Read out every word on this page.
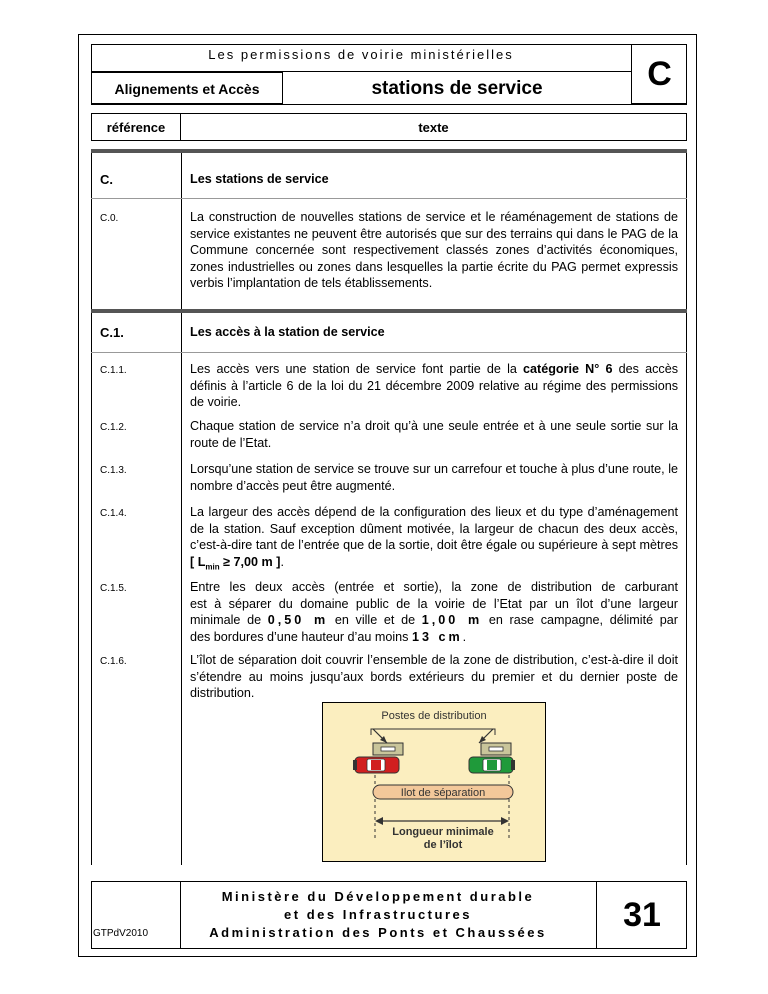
Les permissions de voirie ministérielles
Alignements et Accès	stations de service	C
référence	texte
C.	Les stations de service
C.0.	La construction de nouvelles stations de service et le réaménagement de stations de service existantes ne peuvent être autorisés que sur des terrains qui dans le PAG de la Commune concernée sont respectivement classés zones d’activités économiques, zones industrielles ou zones dans lesquelles la partie écrite du PAG permet expressis verbis l’implantation de tels établissements.
C.1.	Les accès à la station de service
C.1.1.	Les accès vers une station de service font partie de la catégorie N° 6 des accès définis à l’article 6 de la loi du 21 décembre 2009 relative au régime des permissions de voirie.
C.1.2.	Chaque station de service n’a droit qu’à une seule entrée et à une seule sortie sur la route de l’Etat.
C.1.3.	Lorsqu’une station de service se trouve sur un carrefour et touche à plus d’une route, le nombre d’accès peut être augmenté.
C.1.4.	La largeur des accès dépend de la configuration des lieux et du type d’aménagement de la station. Sauf exception dûment motivée, la largeur de chacun des deux accès, c’est-à-dire tant de l’entrée que de la sortie, doit être égale ou supérieure à sept mètres [ $L_{min} \ge 7,00$ m ].
C.1.5.	Entre les deux accès (entrée et sortie), la zone de distribution de carburant
est à séparer du domaine public de la voirie de l’Etat par un îlot d’une largeur
minimale de 0,50 m en ville et de 1,00 m en rase campagne, délimité par
des bordures d’une hauteur d’au moins 13 cm.
C.1.6.	L’îlot de séparation doit couvrir l’ensemble de la zone de distribution, c’est-à-dire il doit s’étendre au moins jusqu’aux bords extérieurs du premier et du dernier poste de distribution.
Postes de distribution
Ilot de séparation
Longueur minimale
de l’îlot
GTPdV2010
Ministère du Développement durable
et des Infrastructures
Administration des Ponts et Chaussées	31
